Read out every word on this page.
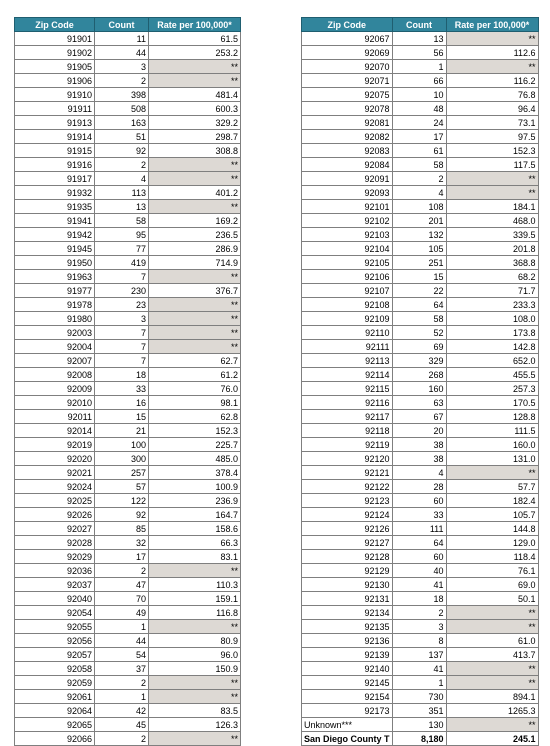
Zip Code	Count	Rate per 100,000*
91901	11	61.5
91902	44	253.2
91905	3	**
91906	2	**
91910	398	481.4
91911	508	600.3
91913	163	329.2
91914	51	298.7
91915	92	308.8
91916	2	**
91917	4	**
91932	113	401.2
91935	13	**
91941	58	169.2
91942	95	236.5
91945	77	286.9
91950	419	714.9
91963	7	**
91977	230	376.7
91978	23	**
91980	3	**
92003	7	**
92004	7	**
92007	7	62.7
92008	18	61.2
92009	33	76.0
92010	16	98.1
92011	15	62.8
92014	21	152.3
92019	100	225.7
92020	300	485.0
92021	257	378.4
92024	57	100.9
92025	122	236.9
92026	92	164.7
92027	85	158.6
92028	32	66.3
92029	17	83.1
92036	2	**
92037	47	110.3
92040	70	159.1
92054	49	116.8
92055	1	**
92056	44	80.9
92057	54	96.0
92058	37	150.9
92059	2	**
92061	1	**
92064	42	83.5
92065	45	126.3
92066	2	**
Zip Code	Count	Rate per 100,000*
92067	13	**
92069	56	112.6
92070	1	**
92071	66	116.2
92075	10	76.8
92078	48	96.4
92081	24	73.1
92082	17	97.5
92083	61	152.3
92084	58	117.5
92091	2	**
92093	4	**
92101	108	184.1
92102	201	468.0
92103	132	339.5
92104	105	201.8
92105	251	368.8
92106	15	68.2
92107	22	71.7
92108	64	233.3
92109	58	108.0
92110	52	173.8
92111	69	142.8
92113	329	652.0
92114	268	455.5
92115	160	257.3
92116	63	170.5
92117	67	128.8
92118	20	111.5
92119	38	160.0
92120	38	131.0
92121	4	**
92122	28	57.7
92123	60	182.4
92124	33	105.7
92126	111	144.8
92127	64	129.0
92128	60	118.4
92129	40	76.1
92130	41	69.0
92131	18	50.1
92134	2	**
92135	3	**
92136	8	61.0
92139	137	413.7
92140	41	**
92145	1	**
92154	730	894.1
92173	351	1265.3
Unknown***	130	**
San Diego County T	8,180	245.1
